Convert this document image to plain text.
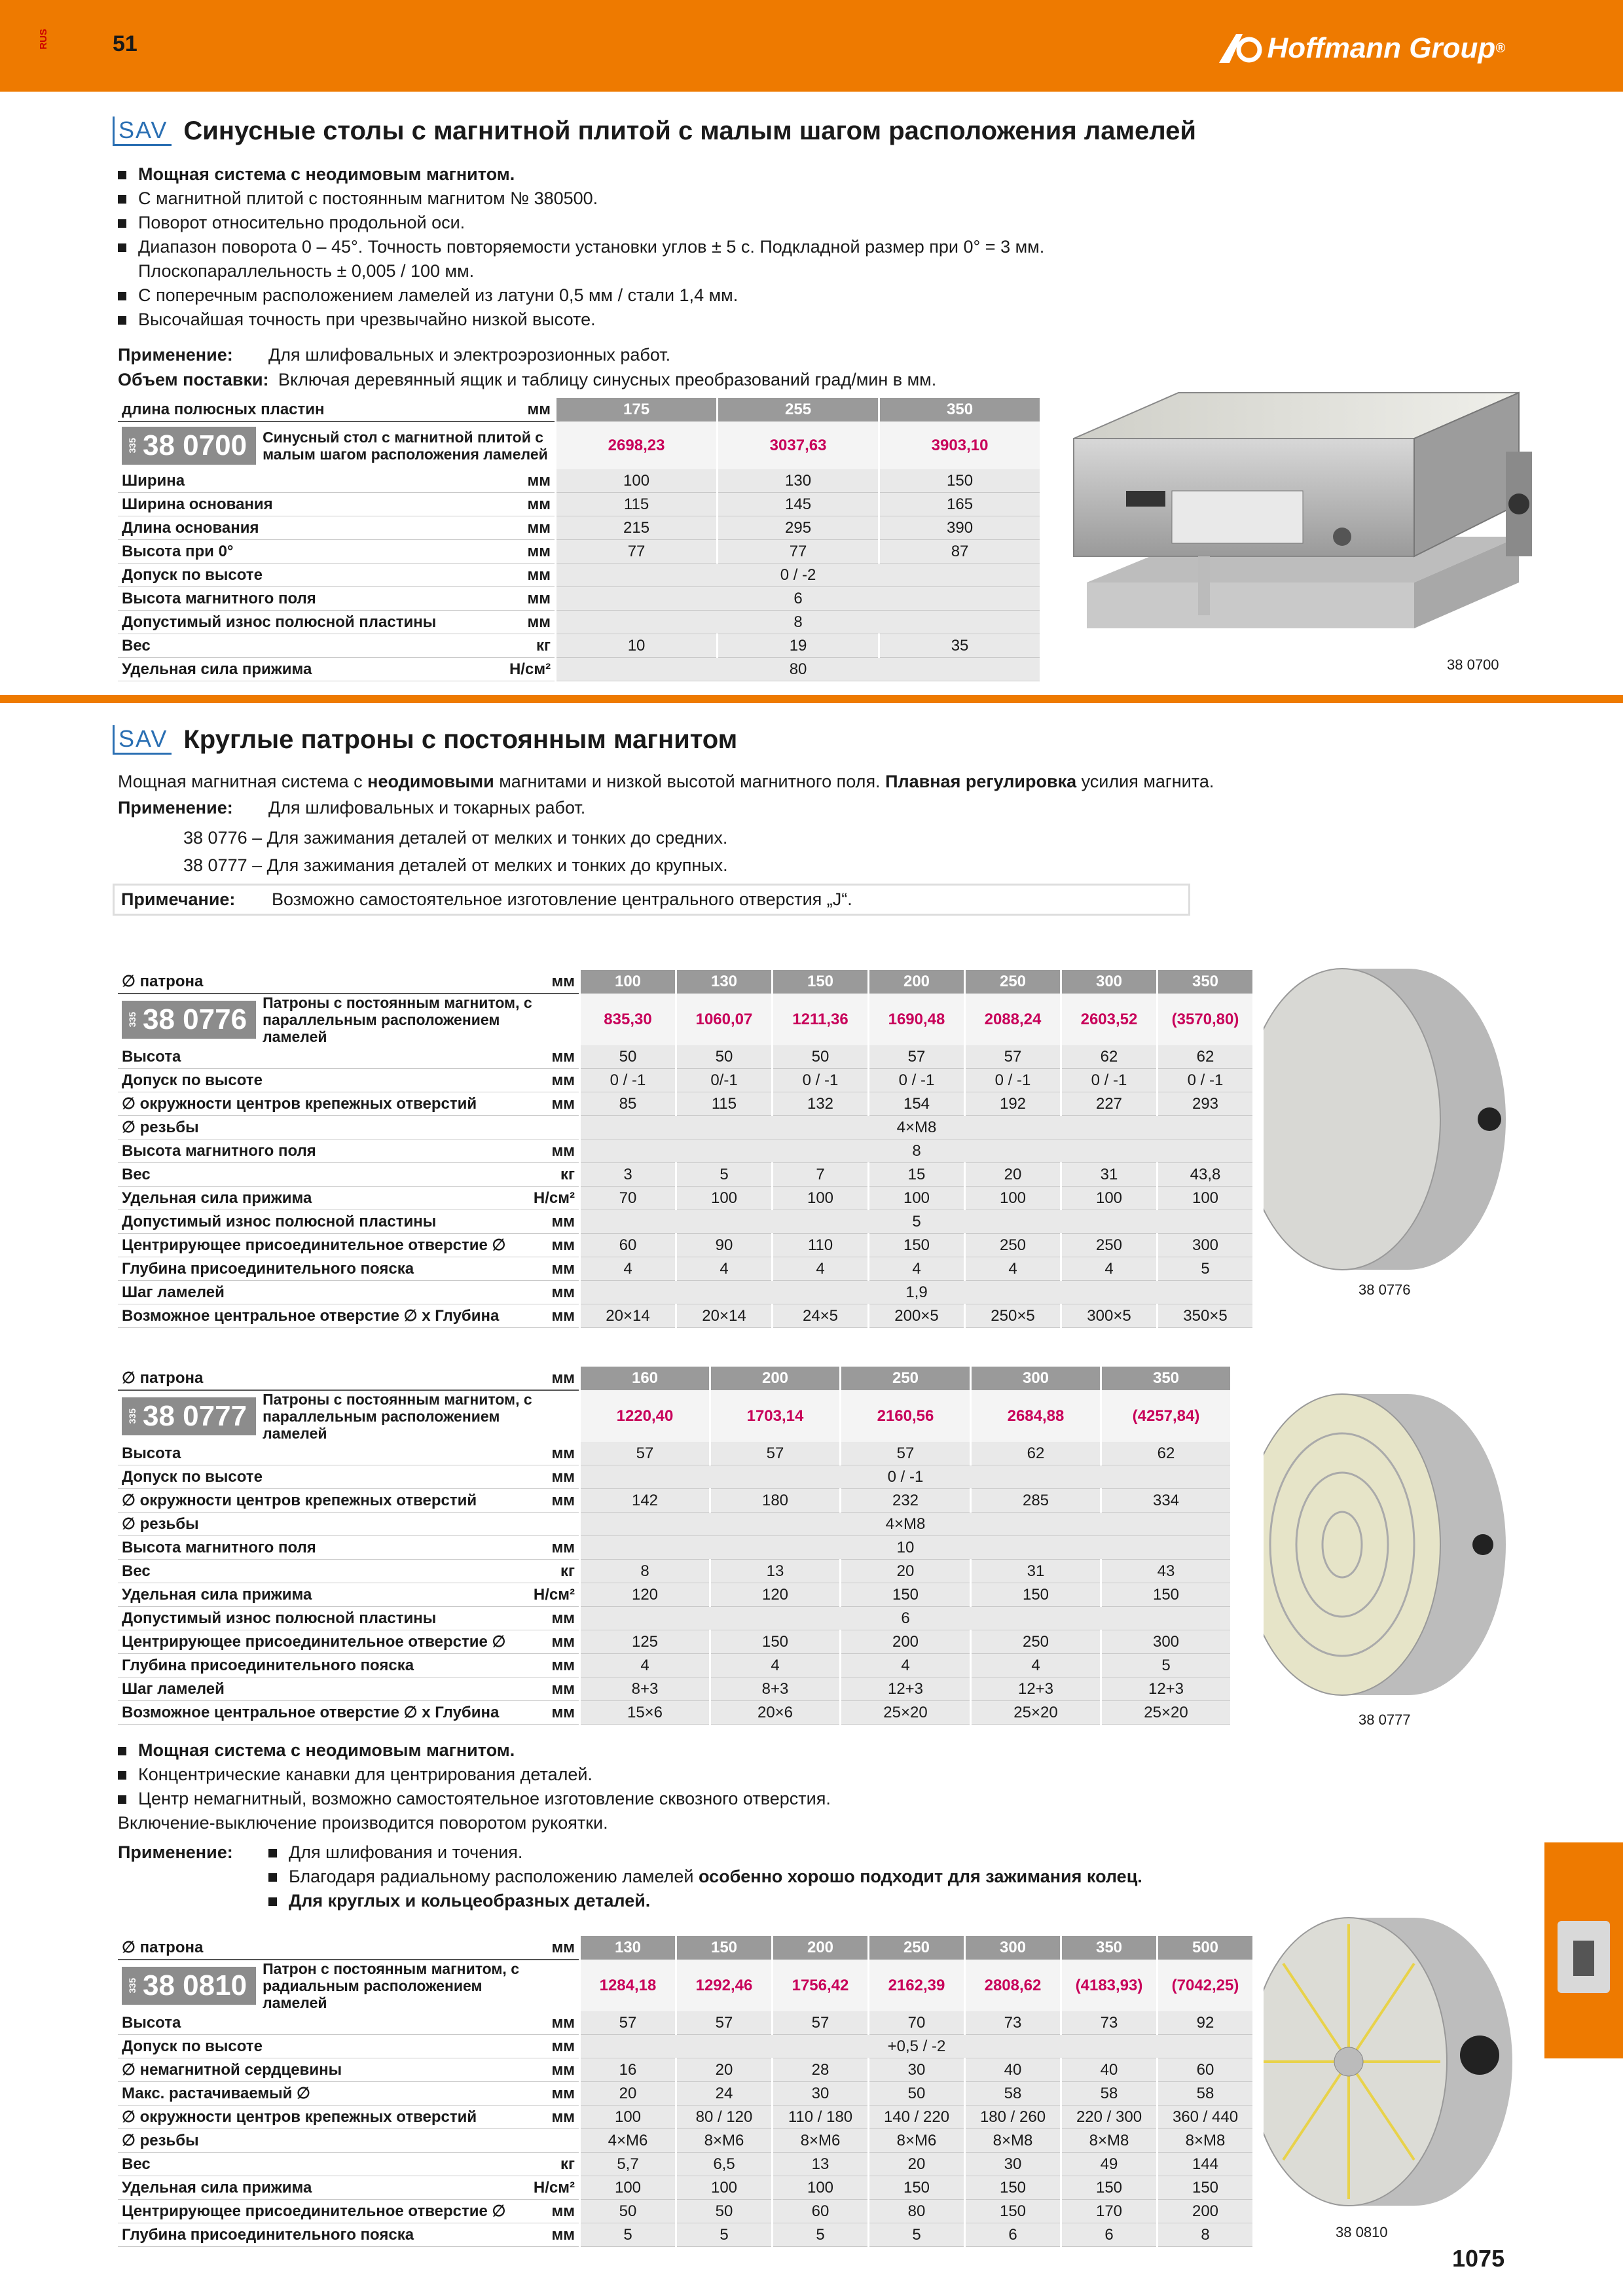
RUS	51	Hoffmann Group ®
SAV Синусные столы с магнитной плитой с малым шагом расположения ламелей
Мощная система с неодимовым магнитом.
С магнитной плитой с постоянным магнитом № 380500.
Поворот относительно продольной оси.
Диапазон поворота 0 – 45°. Точность повторяемости установки углов ± 5 с. Подкладной размер при 0° = 3 мм.
Плоскопараллельность ± 0,005 / 100 мм.
С поперечным расположением ламелей из латуни 0,5 мм / стали 1,4 мм.
Высочайшая точность при чрезвычайно низкой высоте.
Применение: Для шлифовальных и электроэрозионных работ.
Объем поставки: Включая деревянный ящик и таблицу синусных преобразований град/мин в мм.
длина полюсных пластин	мм	175	255	350

335 38 0700 Синусный стол с магнитной плитой с малым шагом расположения ламелей		2698,23	3037,63	3903,10
Ширина	мм	100	130	150
Ширина основания	мм	115	145	165
Длина основания	мм	215	295	390
Высота при 0°	мм	77	77	87
Допуск по высоте	мм	0 / -2		
Высота магнитного поля	мм	6		
Допустимый износ полюсной пластины	мм	8		
Вес	кг	10	19	35
Удельная сила прижима	Н/см²	80			38 0700
SAV Круглые патроны с постоянным магнитом
Мощная магнитная система с неодимовыми магнитами и низкой высотой магнитного поля. Плавная регулировка усилия магнита.
Применение: Для шлифовальных и токарных работ.
38 0776 – Для зажимания деталей от мелких и тонких до средних.
38 0777 – Для зажимания деталей от мелких и тонких до крупных.
Примечание: Возможно самостоятельное изготовление центрального отверстия „J“.
∅ патрона	мм	100	130	150	200	250	300	350

335 38 0776
Патроны с постоянным магнитом, с параллельным расположением ламелей		835,30	1060,07	1211,36	1690,48	2088,24	2603,52	(3570,80)
Высота	мм	50	50	50	57	57	62	62
Допуск по высоте	мм	0 / -1	0/-1	0 / -1	0 / -1	0 / -1	0 / -1	0 / -1
∅ окружности центров крепежных отверстий	мм	85	115	132	154	192	227	293
∅ резьбы		4×M8						
Высота магнитного поля	мм	8						
Вес	кг	3	5	7	15	20	31	43,8
Удельная сила прижима	Н/см²	70	100	100	100	100	100	100
Допустимый износ полюсной пластины	мм	5						
Центрирующее присоединительное отверстие ∅	мм	60	90	110	150	250	250	300
Глубина присоединительного пояска	мм	4	4	4	4	4	4	5
Шаг ламелей	мм	1,9						
Возможное центральное отверстие ∅ x Глубина	мм	20×14	20×14	24×5	200×5	250×5	300×5	350×5
38 0776
∅ патрона	мм	160	200	250	300	350

335 38 0777
Патроны с постоянным магнитом, с параллельным расположением ламелей		1220,40	1703,14	2160,56	2684,88	(4257,84)
Высота	мм	57	57	57	62	62
Допуск по высоте	мм	0 / -1				
∅ окружности центров крепежных отверстий	мм	142	180	232	285	334
∅ резьбы		4×M8				
Высота магнитного поля	мм	10				
Вес	кг	8	13	20	31	43
Удельная сила прижима	Н/см²	120	120	150	150	150
Допустимый износ полюсной пластины	мм	6				
Центрирующее присоединительное отверстие ∅	мм	125	150	200	250	300
Глубина присоединительного пояска	мм	4	4	4	4	5
Шаг ламелей	мм	8+3	8+3	12+3	12+3	12+3
Возможное центральное отверстие ∅ x Глубина	мм	15×6	20×6	25×20	25×20	25×20	38 0777
Мощная система с неодимовым магнитом.
Концентрические канавки для центрирования деталей.
Центр немагнитный, возможно самостоятельное изготовление сквозного отверстия.
Включение-выключение производится поворотом рукоятки.
Применение:	Для шлифования и точения.
Благодаря радиальному расположению ламелей особенно хорошо подходит для зажимания колец.
Для круглых и кольцеобразных деталей.
∅ патрона	мм	130	150	200	250	300	350	500

335 38 0810
Патрон с постоянным магнитом, с радиальным расположением ламелей		1284,18	1292,46	1756,42	2162,39	2808,62	(4183,93)	(7042,25)
Высота	мм	57	57	57	70	73	73	92
Допуск по высоте	мм	+0,5 / -2						
∅ немагнитной сердцевины	мм	16	20	28	30	40	40	60
Макс. растачиваемый ∅	мм	20	24	30	50	58	58	58
∅ окружности центров крепежных отверстий	мм	100	80 / 120	110 / 180	140 / 220	180 / 260	220 / 300	360 / 440
∅ резьбы		4×M6	8×M6	8×M6	8×M6	8×M8	8×M8	8×M8
Вес	кг	5,7	6,5	13	20	30	49	144
Удельная сила прижима	Н/см²	100	100	100	150	150	150	150
Центрирующее присоединительное отверстие ∅	мм	50	50	60	80	150	170	200
Глубина присоединительного пояска	мм	5	5	5	5	6	6	8	38 0810
1075
